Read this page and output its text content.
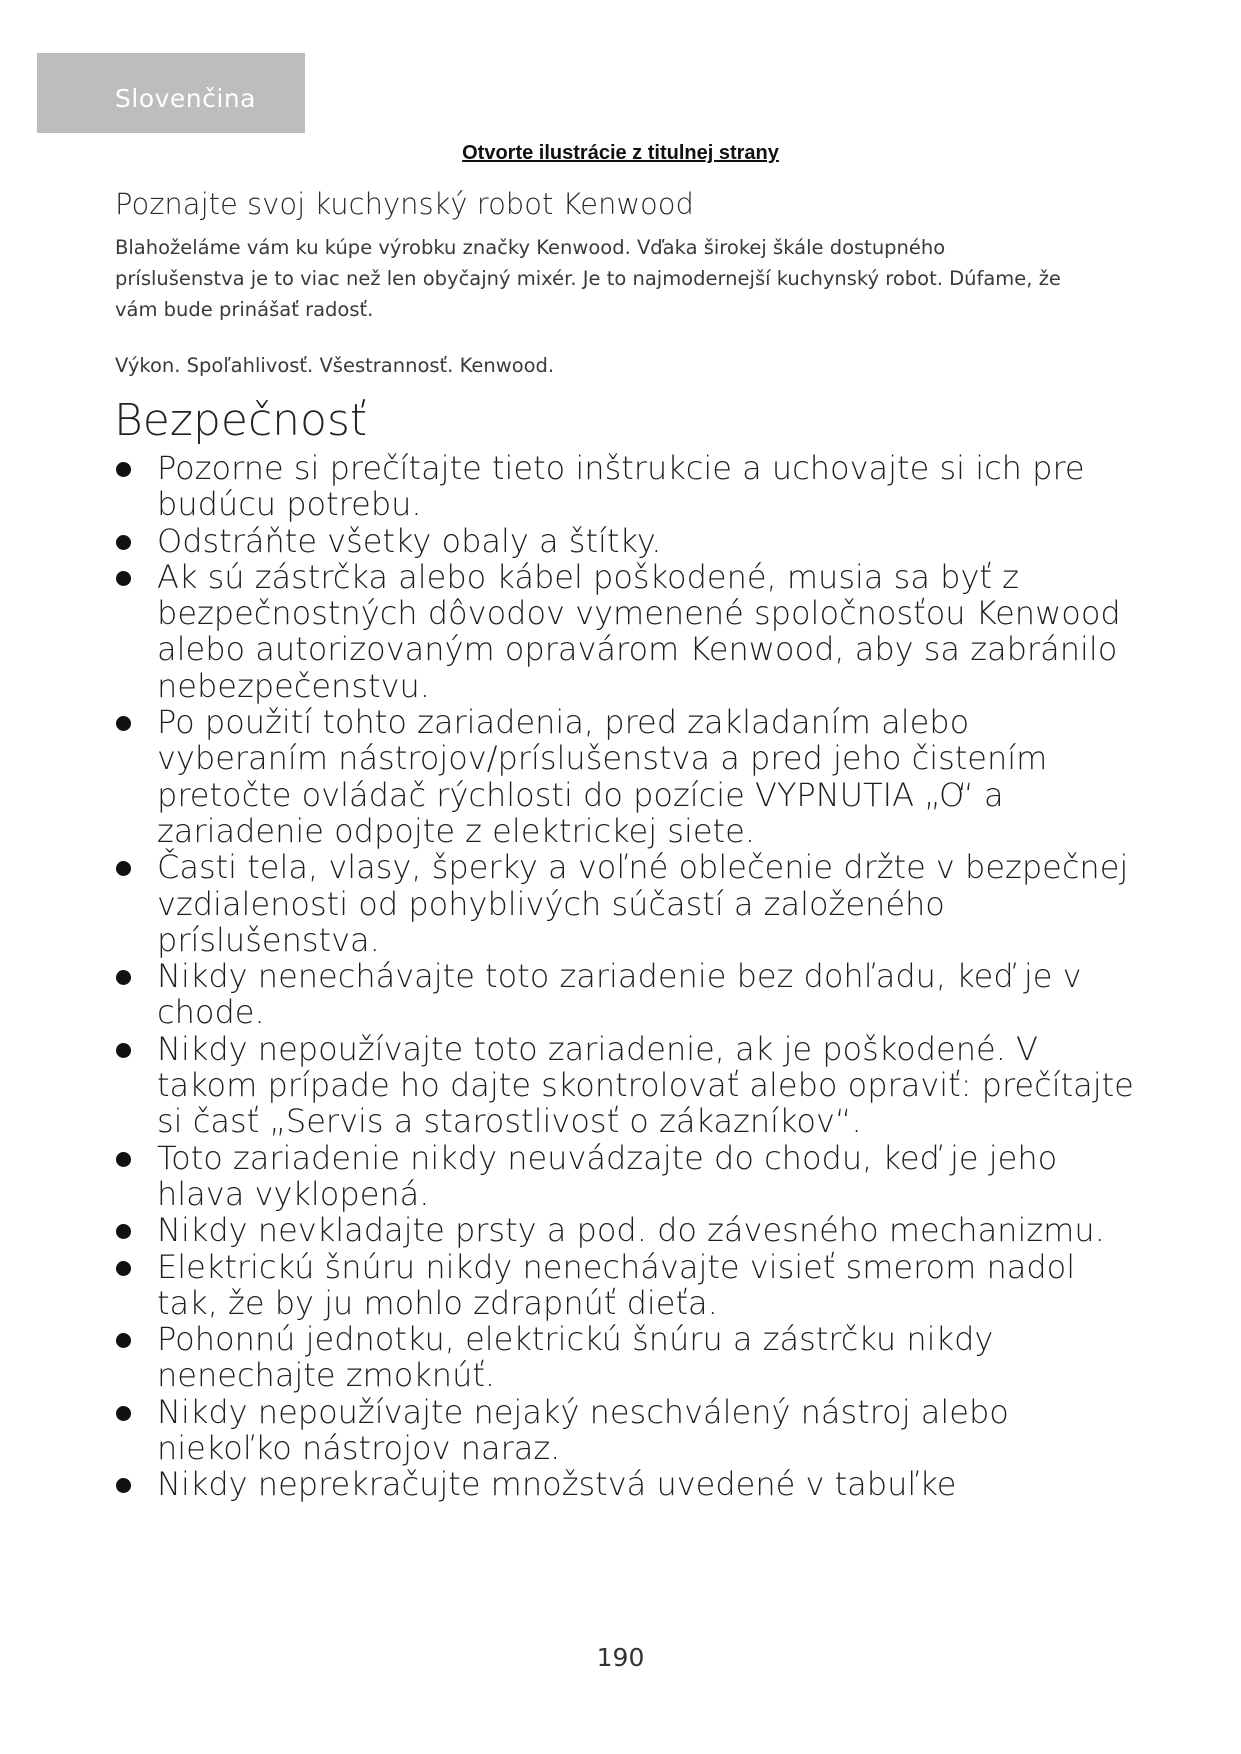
Slovenčina
Otvorte ilustrácie z titulnej strany
Poznajte svoj kuchynský robot Kenwood
Blahoželáme vám ku kúpe výrobku značky Kenwood. Vďaka širokej škále dostupného príslušenstva je to viac než len obyčajný mixér. Je to najmodernejší kuchynský robot. Dúfame, že vám bude prinášať radosť.
Výkon. Spoľahlivosť. Všestrannosť. Kenwood.
Bezpečnosť
Pozorne si prečítajte tieto inštrukcie a uchovajte si ich pre budúcu potrebu.
Odstráňte všetky obaly a štítky.
Ak sú zástrčka alebo kábel poškodené, musia sa byť z bezpečnostných dôvodov vymenené spoločnosťou Kenwood alebo autorizovaným opravárom Kenwood, aby sa zabránilo nebezpečenstvu.
Po použití tohto zariadenia, pred zakladaním alebo vyberaním nástrojov/príslušenstva a pred jeho čistením pretočte ovládač rýchlosti do pozície VYPNUTIA „O“ a zariadenie odpojte z elektrickej siete.
Časti tela, vlasy, šperky a voľné oblečenie držte v bezpečnej vzdialenosti od pohyblivých súčastí a založeného príslušenstva.
Nikdy nenechávajte toto zariadenie bez dohľadu, keď je v chode.
Nikdy nepoužívajte toto zariadenie, ak je poškodené. V takom prípade ho dajte skontrolovať alebo opraviť: prečítajte si časť „Servis a starostlivosť o zákazníkov“.
Toto zariadenie nikdy neuvádzajte do chodu, keď je jeho hlava vyklopená.
Nikdy nevkladajte prsty a pod. do závesného mechanizmu.
Elektrickú šnúru nikdy nenechávajte visieť smerom nadol tak, že by ju mohlo zdrapnúť dieťa.
Pohonnú jednotku, elektrickú šnúru a zástrčku nikdy nenechajte zmoknúť.
Nikdy nepoužívajte nejaký neschválený nástroj alebo niekoľko nástrojov naraz.
Nikdy neprekračujte množstvá uvedené v tabuľke
190
